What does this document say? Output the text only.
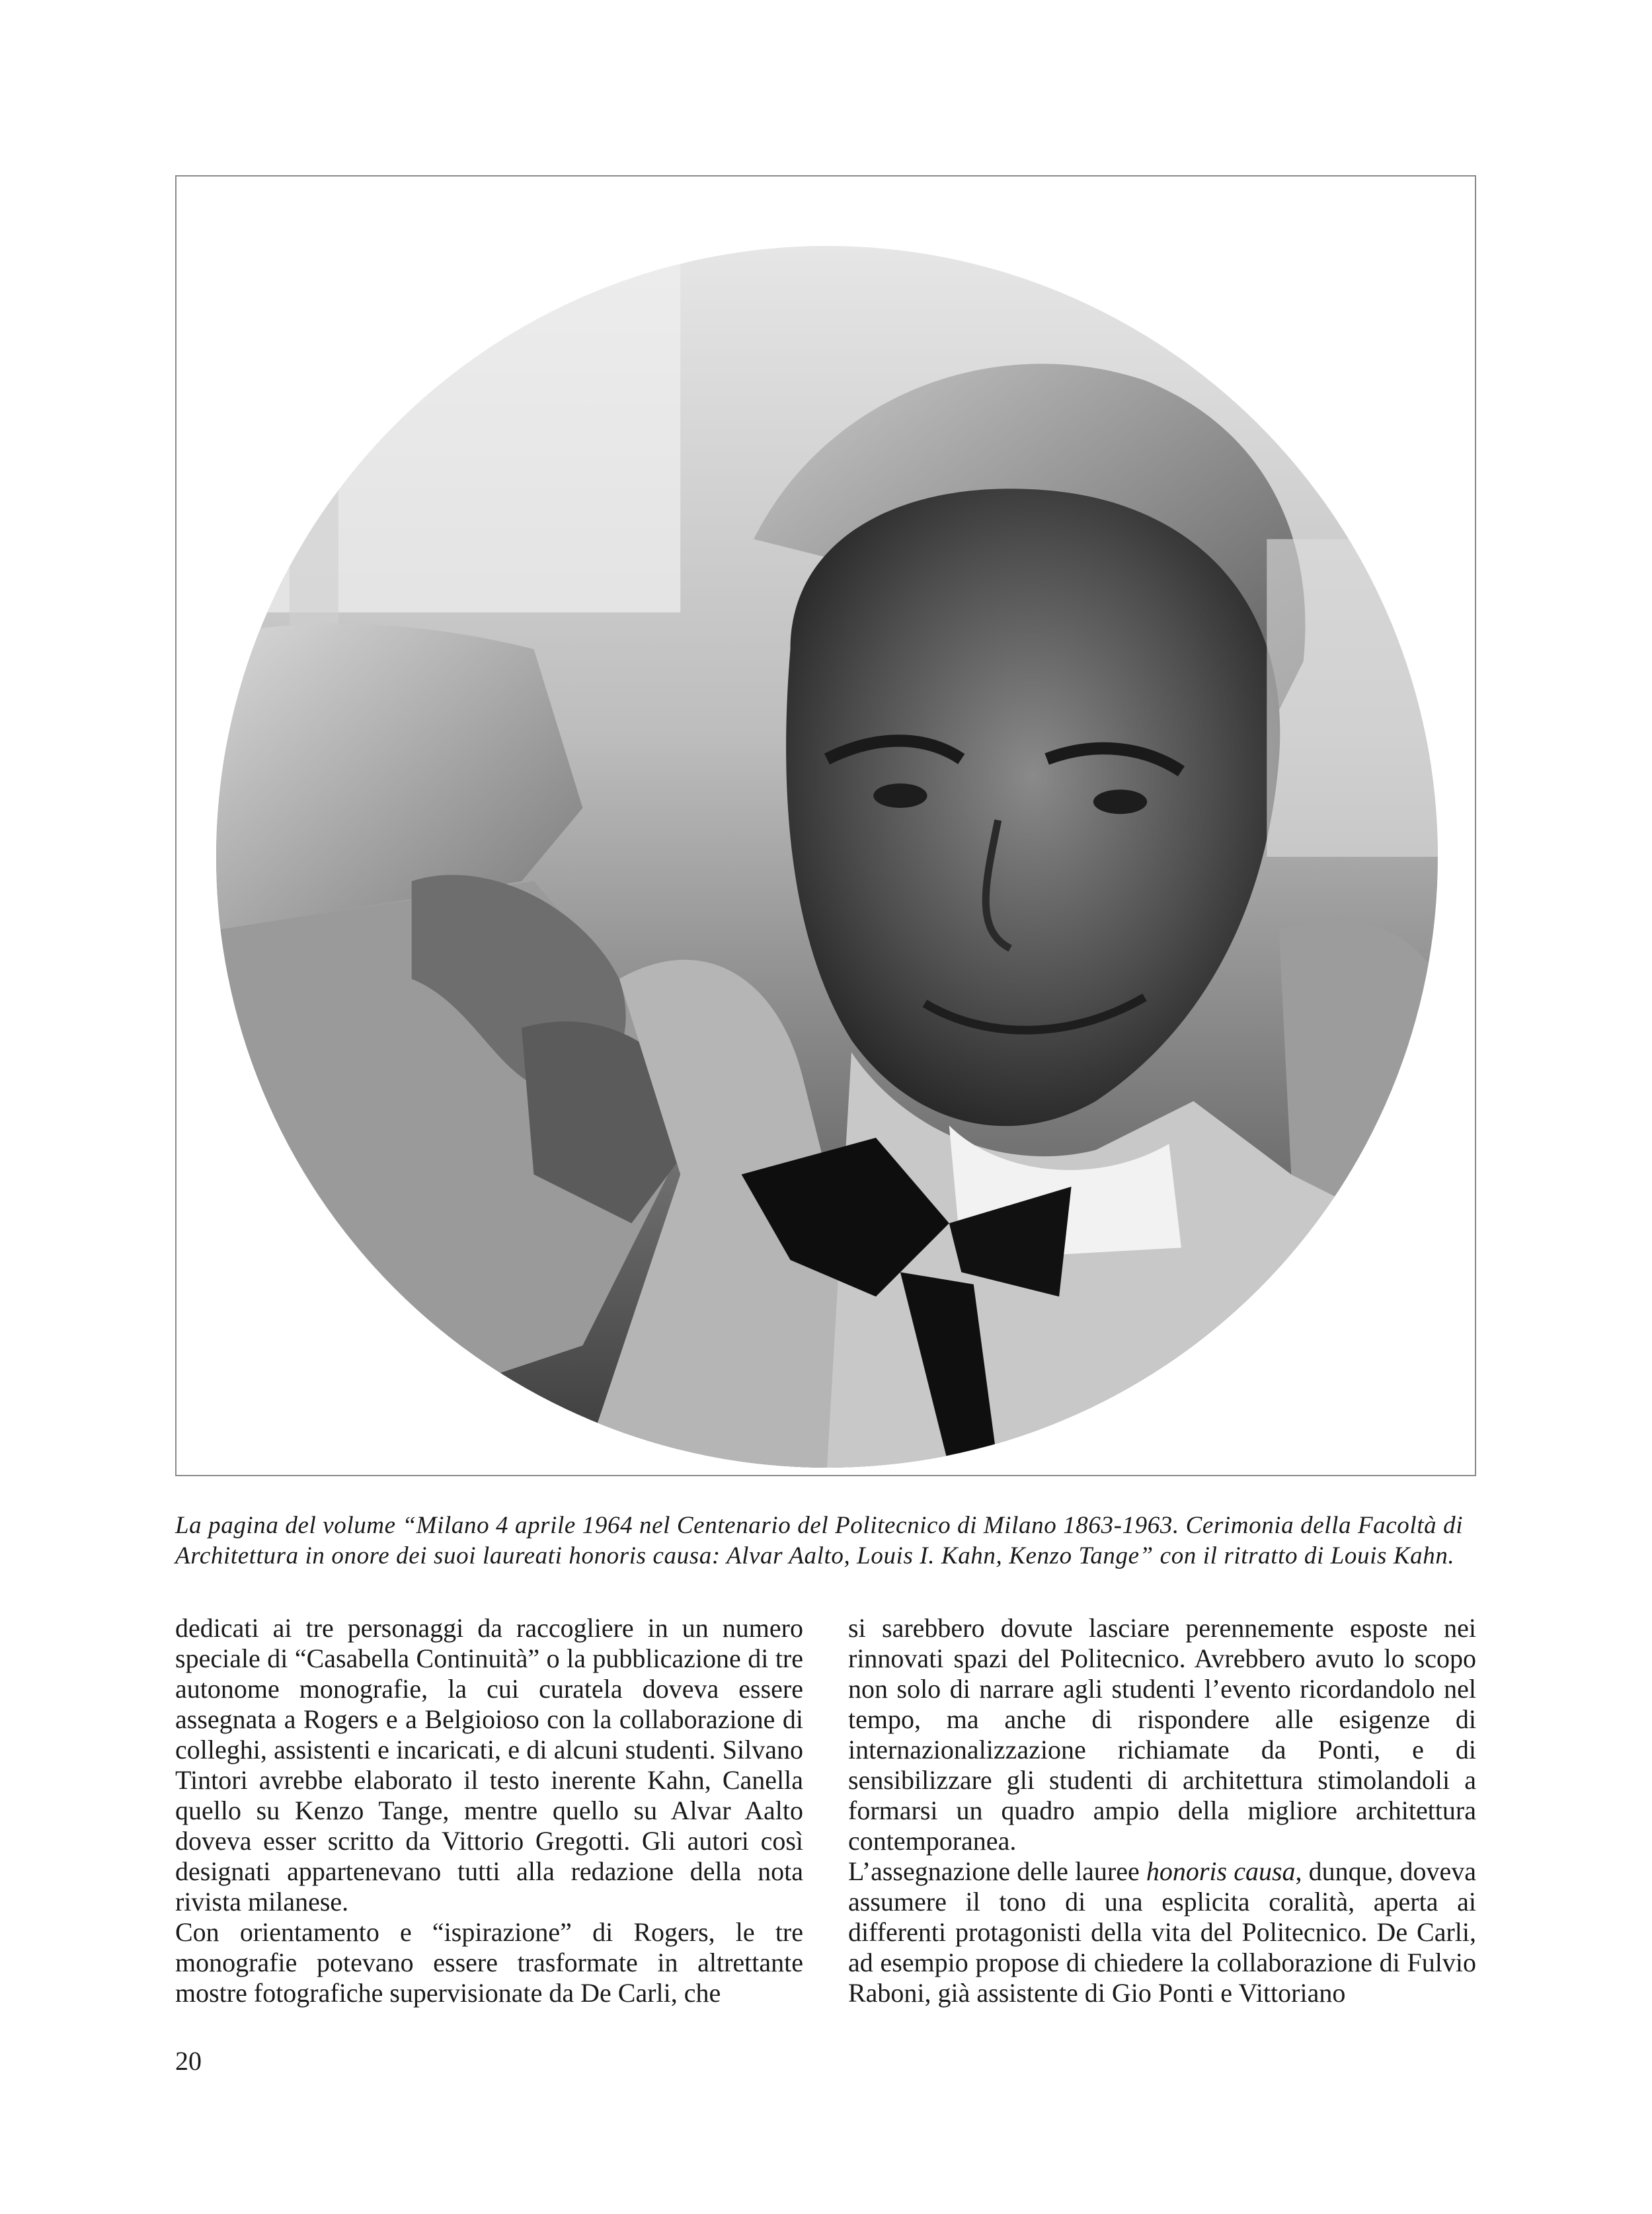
La pagina del volume “Milano 4 aprile 1964 nel Centenario del Politecnico di Milano 1863-1963. Cerimonia della Facoltà di

Architettura in onore dei suoi laureati honoris causa: Alvar Aalto, Louis I. Kahn, Kenzo Tange” con il ritratto di Louis Kahn.

dedicati ai tre personaggi da raccogliere in un numero speciale di “Casabella Continuità” o la pubblicazione di tre autonome monografie, la cui curatela doveva essere assegnata a Rogers e a Belgioioso con la collaborazione di colleghi, assistenti e incaricati, e di alcuni studenti. Silvano Tintori avrebbe elaborato il testo inerente Kahn, Canella quello su Kenzo Tange, mentre quello su Alvar Aalto doveva esser scritto da Vittorio Gregotti. Gli autori così designati appartenevano tutti alla redazione della nota rivista milanese.

Con orientamento e “ispirazione” di Rogers, le tre monografie potevano essere trasformate in altrettante mostre fotografiche supervisionate da De Carli, che

si sarebbero dovute lasciare perennemente esposte nei rinnovati spazi del Politecnico. Avrebbero avuto lo scopo non solo di narrare agli studenti l’evento ricordandolo nel tempo, ma anche di rispondere alle esigenze di internazionalizzazione richiamate da Ponti, e di sensibilizzare gli studenti di architettura stimolandoli a formarsi un quadro ampio della migliore architettura contemporanea.

L’assegnazione delle lauree honoris causa, dunque, doveva assumere il tono di una esplicita coralità, aperta ai differenti protagonisti della vita del Politecnico. De Carli, ad esempio propose di chiedere la collaborazione di Fulvio Raboni, già assistente di Gio Ponti e Vittoriano

20
